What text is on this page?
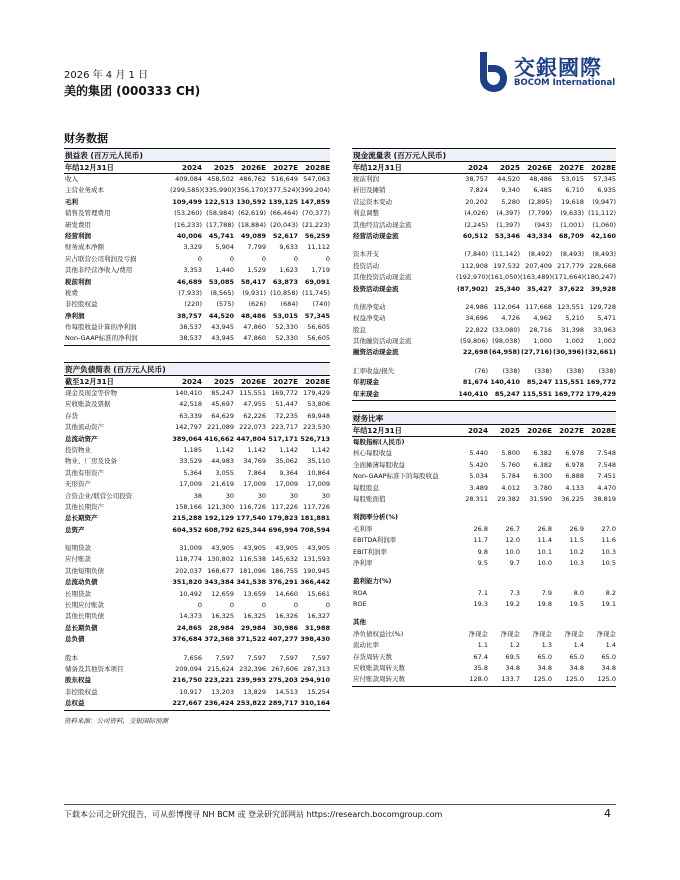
2026 年 4 月 1 日
美的集团 (000333 CH)
交銀國際
BOCOM International
财务数据
损益表 (百万元人民币)
年结12月31日	2024	2025 2026E 2027E 2028E
收入	409,084 458,502 486,762 516,649 547,063
主营业务成本	(299,585) (335,990) (356,170) (377,524) (399,204)
毛利	109,499 122,513 130,592 139,125 147,859
销售及管理费用	(53,260) (58,984) (62,619) (66,464) (70,377)
研发费用	(16,233) (17,788) (18,884) (20,043) (21,223)
经营利润	40,006	45,741	49,089	52,617	56,259
财务成本净额	3,329	5,904	7,799	9,633	11,112
应占联营公司利润及亏损	0	0	0	0	0
其他非经营净收入/费用	3,353	1,440	1,529	1,623	1,719
税前利润	46,689	53,085	58,417	63,873	69,091
税费	(7,933)	(8,565)	(9,931) (10,858) (11,745)
非控股权益	(220)	(575)	(626)	(684)	(740)
净利润	38,757	44,520	48,486	53,015	57,345
作每股收益计算的净利润	38,537	43,945	47,860	52,330	56,605
Non-GAAP标准的净利润	38,537	43,945	47,860	52,330	56,605
资产负债简表 (百万元人民币)
截至12月31日	2024	2025 2026E 2027E 2028E
现金及现金等价物	140,410	85,247 115,551 169,772 179,429
应收账款及票据	42,518	45,697	47,955	51,447	53,806
存货	63,339	64,629	62,226	72,235	69,948
其他流动资产	142,797 221,089 222,073 223,717 223,530
总流动资产	389,064 416,662 447,804 517,171 526,713
投资物业	1,185	1,142	1,142	1,142	1,142
物业、厂房及设备	33,529	44,983	34,769	35,062	35,110
其他有形资产	5,364	3,055	7,864	9,364	10,864
无形资产	17,009	21,619	17,009	17,009	17,009
合资企业/联营公司投资	38	30	30	30	30
其他长期资产	158,166 121,300 116,726 117,226 117,726
总长期资产	215,288 192,129 177,540 179,823 181,881
总资产	604,352 608,792 625,344 696,994 708,594
短期贷款	31,009	43,905	43,905	43,905	43,905
应付账款	118,774 130,802 116,538 145,632 131,593
其他短期负债	202,037 168,677 181,096 186,755 190,945
总流动负债	351,820 343,384 341,538 376,291 366,442
长期贷款	10,492	12,659	13,659	14,660	15,661
长期应付账款	0	0	0	0	0
其他长期负债	14,373	16,325	16,325	16,326	16,327
总长期负债	24,865	28,984	29,984	30,986	31,988
总负债	376,684 372,368 371,522 407,277 398,430
股本	7,656	7,597	7,597	7,597	7,597
储备及其他资本项目	209,094 215,624 232,396 267,606 287,313
股东权益	216,750 223,221 239,993 275,203 294,910
非控股权益	10,917	13,203	13,829	14,513	15,254
总权益	227,667 236,424 253,822 289,717 310,164
现金流量表 (百万元人民币)
年结12月31日	2024	2025 2026E 2027E 2028E
税前利润	38,757	44,520	48,486	53,015	57,345
折旧及摊销	7,824	9,340	6,485	6,710	6,935
营运资本变动	20,202	5,280	(2,895)	19,618	(9,947)
利息调整	(4,026)	(4,397)	(7,799)	(9,633) (11,112)
其他经营活动现金流	(2,245)	(1,397)	(943)	(1,001)	(1,060)
经营活动现金流	60,512	53,346	43,334	68,709	42,160
资本开支	(7,840) (11,142)	(8,492)	(8,493)	(8,493)
投资活动	112,908 197,532 207,409 217,779 228,668
其他投资活动现金流	(192,970) (161,050) (163,489) (171,664) (180,247)
投资活动现金流	(87,902)	25,340	35,427	37,622	39,928
负债净变动	24,986 112,064 117,668 123,551 129,728
权益净变动	34,696	4,726	4,962	5,210	5,471
股息	22,822 (33,080)	28,716	31,398	33,963
其他融资活动现金流	(59,806) (98,038)	1,000	1,002	1,002
融资活动现金流	22,698 (64,958) (27,716) (30,396) (32,661)
汇率收益/损失	(76)	(338)	(338)	(338)	(338)
年初现金	81,674 140,410	85,247 115,551 169,772
年末现金	140,410	85,247 115,551 169,772 179,429
财务比率
年结12月31日	2024	2025 2026E 2027E 2028E
每股指标(人民币)
核心每股收益	5.440	5.800	6.382	6.978	7.548
全面摊薄每股收益	5.420	5.760	6.382	6.978	7.548
Non-GAAP标准下的每股收益	5.034	5.784	6.300	6.888	7.451
每股股息	3.489	4.012	3.780	4.133	4.470
每股账面值	28.311	29.382	31.590	36.225	38.819
利润率分析(%)
毛利率	26.8	26.7	26.8	26.9	27.0
EBITDA利润率	11.7	12.0	11.4	11.5	11.6
EBIT利润率	9.8	10.0	10.1	10.2	10.3
净利率	9.5	9.7	10.0	10.3	10.5
盈利能力(%)
ROA	7.1	7.3	7.9	8.0	8.2
ROE	19.3	19.2	19.8	19.5	19.1
其他
净负债权益比(%)	净现金	净现金	净现金	净现金	净现金
流动比率	1.1	1.2	1.3	1.4	1.4
存货周转天数	67.4	69.5	65.0	65.0	65.0
应收账款周转天数	35.8	34.8	34.8	34.8	34.8
应付账款周转天数	128.0	133.7	125.0	125.0	125.0
资料来源：公司资料，交银国际预测
下载本公司之研究报告，可从彭博搜寻 NH BCM 或 登录研究部网站 https://research.bocomgroup.com	4
